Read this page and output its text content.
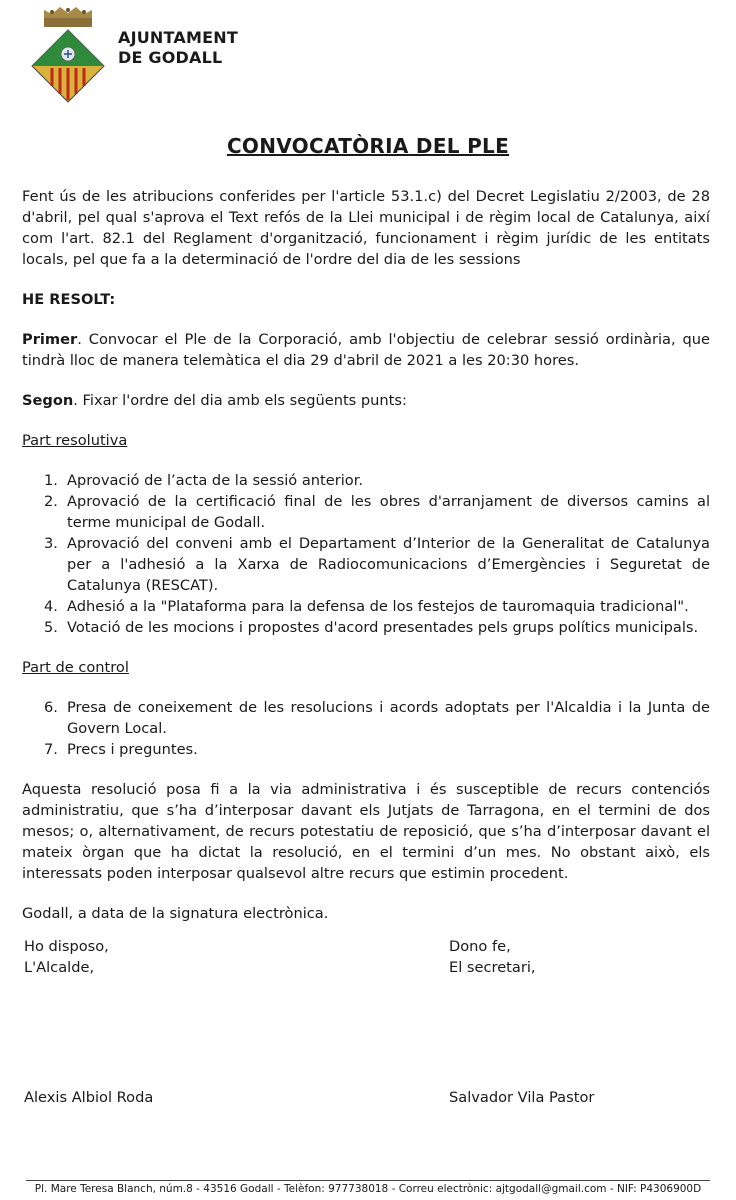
AJUNTAMENT
DE GODALL
CONVOCATÒRIA DEL PLE

Fent ús de les atribucions conferides per l'article 53.1.c) del Decret Legislatiu 2/2003, de 28 d'abril, pel qual s'aprova el Text refós de la Llei municipal i de règim local de Catalunya, així com l'art. 82.1 del Reglament d'organització, funcionament i règim jurídic de les entitats locals, pel que fa a la determinació de l'ordre del dia de les sessions

HE RESOLT:

Primer. Convocar el Ple de la Corporació, amb l'objectiu de celebrar sessió ordinària, que tindrà lloc de manera telemàtica el dia 29 d'abril de 2021 a les 20:30 hores.

Segon. Fixar l'ordre del dia amb els següents punts:

Part resolutiva

1. Aprovació de l’acta de la sessió anterior.
2. Aprovació de la certificació final de les obres d'arranjament de diversos camins al terme municipal de Godall.
3. Aprovació del conveni amb el Departament d’Interior de la Generalitat de Catalunya per a l'adhesió a la Xarxa de Radiocomunicacions d’Emergències i Seguretat de Catalunya (RESCAT).
4. Adhesió a la "Plataforma para la defensa de los festejos de tauromaquia tradicional".
5. Votació de les mocions i propostes d'acord presentades pels grups polítics municipals.

Part de control

6. Presa de coneixement de les resolucions i acords adoptats per l'Alcaldia i la Junta de Govern Local.
7. Precs i preguntes.

Aquesta resolució posa fi a la via administrativa i és susceptible de recurs contenciós administratiu, que s’ha d’interposar davant els Jutjats de Tarragona, en el termini de dos mesos; o, alternativament, de recurs potestatiu de reposició, que s’ha d’interposar davant el mateix òrgan que ha dictat la resolució, en el termini d’un mes. No obstant això, els interessats poden interposar qualsevol altre recurs que estimin procedent.

Godall, a data de la signatura electrònica.

Ho disposo,
L'Alcalde,
Dono fe,
El secretari,
Alexis Albiol Roda	Salvador Vila Pastor
Pl. Mare Teresa Blanch, núm.8 - 43516 Godall - Telèfon: 977738018 - Correu electrònic: ajtgodall@gmail.com - NIF: P4306900D
